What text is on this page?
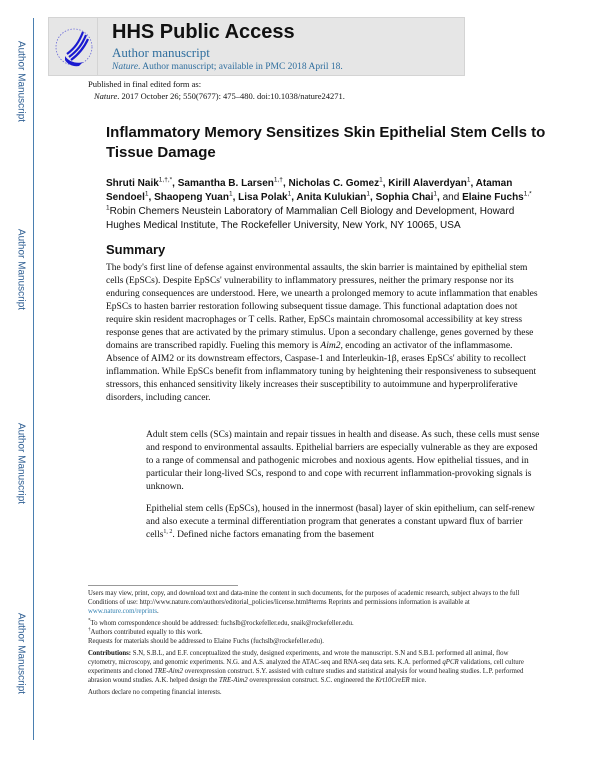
Author Manuscript
Author Manuscript
Author Manuscript
Author Manuscript
HHS Public Access
Author manuscript
Nature. Author manuscript; available in PMC 2018 April 18.
Published in final edited form as:
Nature. 2017 October 26; 550(7677): 475–480. doi:10.1038/nature24271.
Inflammatory Memory Sensitizes Skin Epithelial Stem Cells to Tissue Damage
Shruti Naik$^{1,\dagger,*}$, Samantha B. Larsen$^{1,\dagger}$, Nicholas C. Gomez$^1$, Kirill Alaverdyan$^1$, Ataman Sendoel$^1$, Shaopeng Yuan$^1$, Lisa Polak$^1$, Anita Kulukian$^1$, Sophia Chai$^1$, and Elaine Fuchs$^{1,*}$
$^1$Robin Chemers Neustein Laboratory of Mammalian Cell Biology and Development, Howard Hughes Medical Institute, The Rockefeller University, New York, NY 10065, USA
Summary
The body's first line of defense against environmental assaults, the skin barrier is maintained by epithelial stem cells (EpSCs). Despite EpSCs' vulnerability to inflammatory pressures, neither the primary response nor its enduring consequences are understood. Here, we unearth a prolonged memory to acute inflammation that enables EpSCs to hasten barrier restoration following subsequent tissue damage. This functional adaptation does not require skin resident macrophages or T cells. Rather, EpSCs maintain chromosomal accessibility at key stress response genes that are activated by the primary stimulus. Upon a secondary challenge, genes governed by these domains are transcribed rapidly. Fueling this memory is Aim2, encoding an activator of the inflammasome. Absence of AIM2 or its downstream effectors, Caspase-1 and Interleukin-1β, erases EpSCs' ability to recollect inflammation. While EpSCs benefit from inflammatory tuning by heightening their responsiveness to subsequent stressors, this enhanced sensitivity likely increases their susceptibility to autoimmune and hyperproliferative disorders, including cancer.
Adult stem cells (SCs) maintain and repair tissues in health and disease. As such, these cells must sense and respond to environmental assaults. Epithelial barriers are especially vulnerable as they are exposed to a range of commensal and pathogenic microbes and noxious agents. How epithelial tissues, and in particular their long-lived SCs, respond to and cope with recurrent inflammation-provoking signals is unknown.
Epithelial stem cells (EpSCs), housed in the innermost (basal) layer of skin epithelium, can self-renew and also execute a terminal differentiation program that generates a constant upward flux of barrier cells$^{1, 2}$. Defined niche factors emanating from the basement
Users may view, print, copy, and download text and data-mine the content in such documents, for the purposes of academic research, subject always to the full Conditions of use: http://www.nature.com/authors/editorial_policies/license.html#terms Reprints and permissions information is available at www.nature.com/reprints.
*To whom correspondence should be addressed: fuchslb@rockefeller.edu, snaik@rockefeller.edu.
†Authors contributed equally to this work.
Requests for materials should be addressed to Elaine Fuchs (fuchslb@rockefeller.edu).
Contributions: S.N, S.B.L, and E.F. conceptualized the study, designed experiments, and wrote the manuscript. S.N and S.B.L performed all animal, flow cytometry, microscopy, and genomic experiments. N.G. and A.S. analyzed the ATAC-seq and RNA-seq data sets. K.A. performed qPCR validations, cell culture experiments and cloned TRE-Aim2 overexpression construct. S.Y. assisted with culture studies and statistical analysis for wound healing studies. L.P. performed abrasion wound studies. A.K. helped design the TRE-Aim2 overexpression construct. S.C. engineered the Krt10CreER mice.
Authors declare no competing financial interests.
